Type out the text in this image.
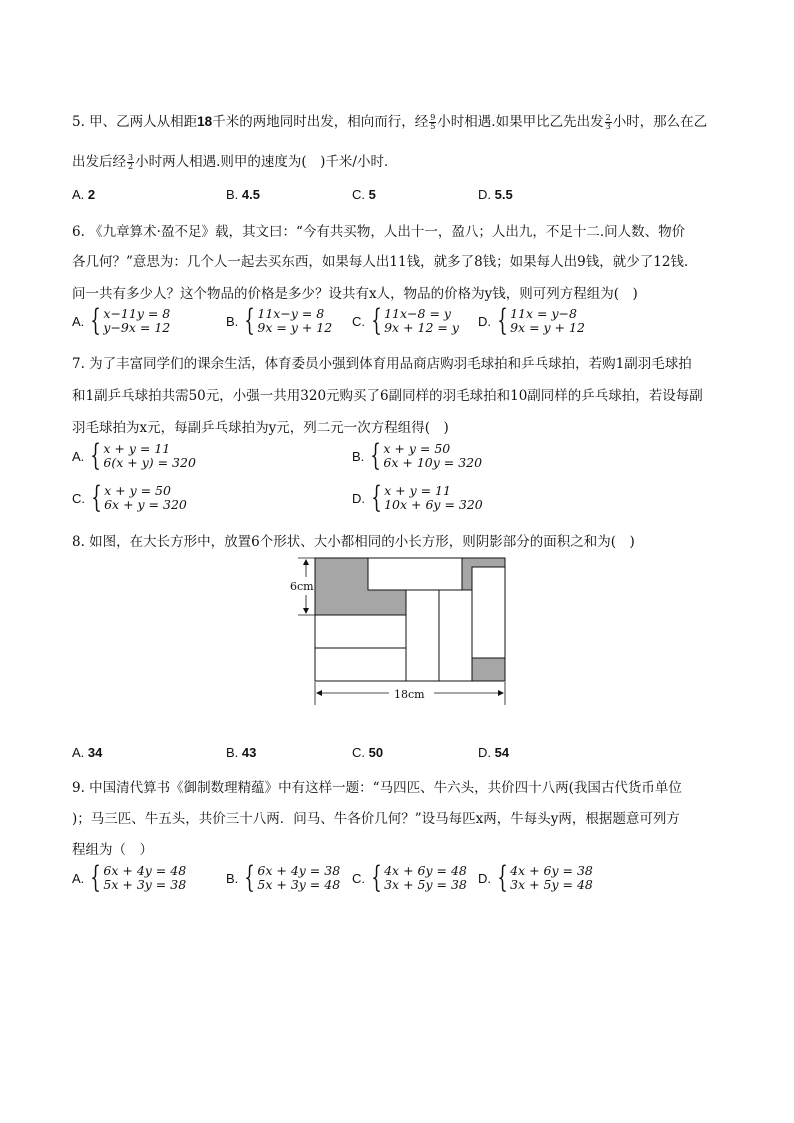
5. 甲、乙两人从相距18千米的两地同时出发，相向而行，经 $\frac{9}{5}$ 小时相遇.如果甲比乙先出发 $\frac{2}{3}$ 小时，那么在乙
出发后经 $\frac{3}{2}$ 小时两人相遇.则甲的速度为(　)千米/小时．
A. 2	B. 4.5	C. 5	D. 5.5
6. 《九章算术·盈不足》载，其文曰：“今有共买物，人出十一，盈八；人出九，不足十二.问人数、物价
各几何？”意思为：几个人一起去买东西，如果每人出11钱，就多了8钱；如果每人出9钱，就少了12钱.
问一共有多少人？这个物品的价格是多少？设共有x人，物品的价格为y钱，则可列方程组为(　)
A. { x−11y = 8
y−9x = 12	B. { 11x−y = 8
9x = y + 12 C. { 11x−8 = y
9x + 12 = y D. { 11x = y−8
9x = y + 12
7. 为了丰富同学们的课余生活，体育委员小强到体育用品商店购羽毛球拍和乒乓球拍，若购1副羽毛球拍
和1副乒乓球拍共需50元，小强一共用320元购买了6副同样的羽毛球拍和10副同样的乒乓球拍，若设每副
羽毛球拍为x元，每副乒乓球拍为y元，列二元一次方程组得(　)
A. { x + y = 11
6(x + y) = 320	B. { x + y = 50
6x + 10y = 320
C. { x + y = 50
6x + y = 320	D. { x + y = 11
10x + 6y = 320
8. 如图，在大长方形中，放置6个形状、大小都相同的小长方形，则阴影部分的面积之和为(　)
6cm
18cm
A. 34	B. 43	C. 50	D. 54
9. 中国清代算书《御制数理精蕴》中有这样一题：“马四匹、牛六头，共价四十八两(我国古代货币单位
)；马三匹、牛五头，共价三十八两．问马、牛各价几何？”设马每匹x两，牛每头y两，根据题意可列方
程组为（　）
A. { 6x + 4y = 48
5x + 3y = 38	B. { 6x + 4y = 38
5x + 3y = 48 C. { 4x + 6y = 48
3x + 5y = 38 D. { 4x + 6y = 38
3x + 5y = 48
